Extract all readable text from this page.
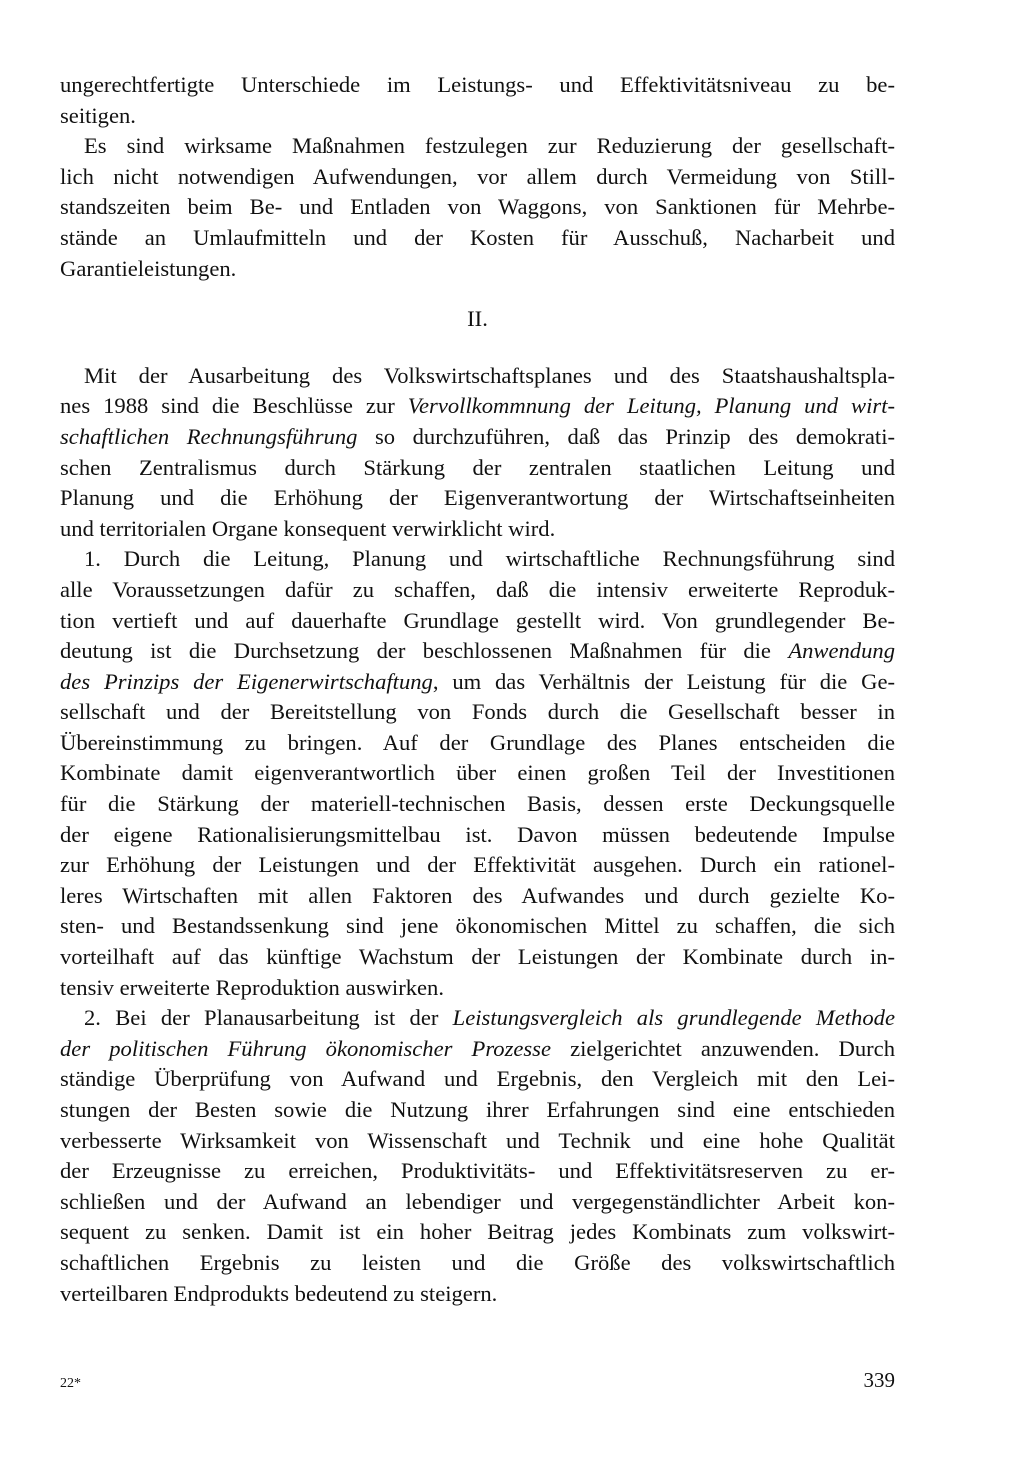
ungerechtfertigte Unterschiede im Leistungs- und Effektivitätsniveau zu be-
seitigen.
Es sind wirksame Maßnahmen festzulegen zur Reduzierung der gesellschaft-
lich nicht notwendigen Aufwendungen, vor allem durch Vermeidung von Still-
standszeiten beim Be- und Entladen von Waggons, von Sanktionen für Mehrbe-
stände an Umlaufmitteln und der Kosten für Ausschuß, Nacharbeit und
Garantieleistungen.
II.
Mit der Ausarbeitung des Volkswirtschaftsplanes und des Staatshaushaltspla-
nes 1988 sind die Beschlüsse zur Vervollkommnung der Leitung, Planung und wirt-
schaftlichen Rechnungsführung so durchzuführen, daß das Prinzip des demokrati-
schen Zentralismus durch Stärkung der zentralen staatlichen Leitung und
Planung und die Erhöhung der Eigenverantwortung der Wirtschaftseinheiten
und territorialen Organe konsequent verwirklicht wird.
1. Durch die Leitung, Planung und wirtschaftliche Rechnungsführung sind
alle Voraussetzungen dafür zu schaffen, daß die intensiv erweiterte Reproduk-
tion vertieft und auf dauerhafte Grundlage gestellt wird. Von grundlegender Be-
deutung ist die Durchsetzung der beschlossenen Maßnahmen für die Anwendung
des Prinzips der Eigenerwirtschaftung, um das Verhältnis der Leistung für die Ge-
sellschaft und der Bereitstellung von Fonds durch die Gesellschaft besser in
Übereinstimmung zu bringen. Auf der Grundlage des Planes entscheiden die
Kombinate damit eigenverantwortlich über einen großen Teil der Investitionen
für die Stärkung der materiell-technischen Basis, dessen erste Deckungsquelle
der eigene Rationalisierungsmittelbau ist. Davon müssen bedeutende Impulse
zur Erhöhung der Leistungen und der Effektivität ausgehen. Durch ein rationel-
leres Wirtschaften mit allen Faktoren des Aufwandes und durch gezielte Ko-
sten- und Bestandssenkung sind jene ökonomischen Mittel zu schaffen, die sich
vorteilhaft auf das künftige Wachstum der Leistungen der Kombinate durch in-
tensiv erweiterte Reproduktion auswirken.
2. Bei der Planausarbeitung ist der Leistungsvergleich als grundlegende Methode
der politischen Führung ökonomischer Prozesse zielgerichtet anzuwenden. Durch
ständige Überprüfung von Aufwand und Ergebnis, den Vergleich mit den Lei-
stungen der Besten sowie die Nutzung ihrer Erfahrungen sind eine entschieden
verbesserte Wirksamkeit von Wissenschaft und Technik und eine hohe Qualität
der Erzeugnisse zu erreichen, Produktivitäts- und Effektivitätsreserven zu er-
schließen und der Aufwand an lebendiger und vergegenständlichter Arbeit kon-
sequent zu senken. Damit ist ein hoher Beitrag jedes Kombinats zum volkswirt-
schaftlichen Ergebnis zu leisten und die Größe des volkswirtschaftlich
verteilbaren Endprodukts bedeutend zu steigern.
22*	339
